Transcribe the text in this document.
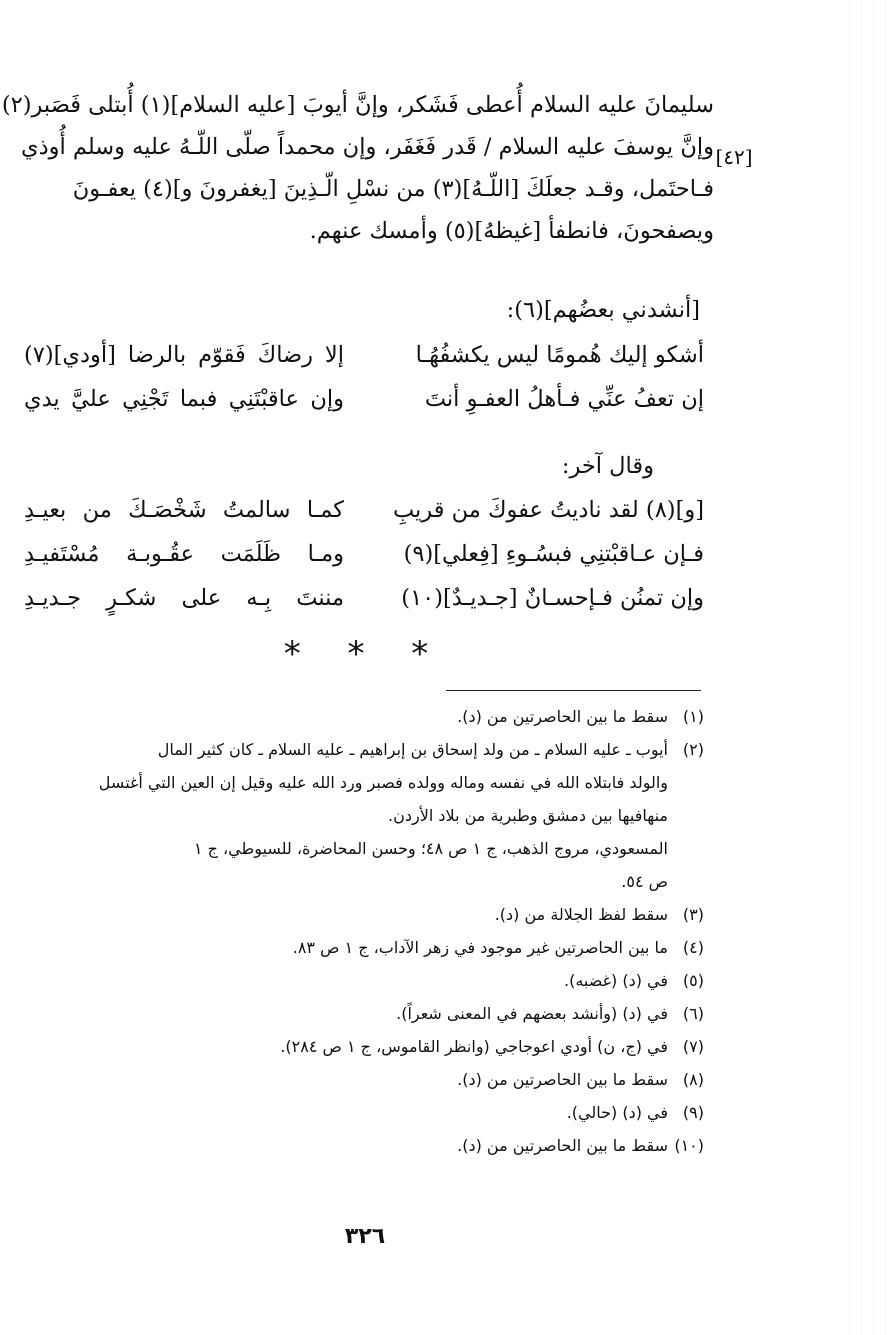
سليمانَ عليه السلام أُعطى فَشَكر، وإنَّ أيوبَ [عليه السلام](١) أُبتلى فَصَبر(٢)
وإنَّ يوسفَ عليه السلام / قَدر فَغَفَر، وإن محمداً صلّى اللّـهُ عليه وسلم أُوذي
فـاحتَمل، وقـد جعلَكَ [اللّـهُ](٣) من نسْلِ الّـذِينَ [يغفرونَ و](٤) يعفـونَ
ويصفحونَ، فانطفأ [غيظهُ](٥) وأمسك عنهم.
[٤٢]
[أنشدني بعضُهم](٦):
أشكو إليك هُمومًا ليس يكشفُهُـا
إلا رضاكَ فَقوّم بالرضا [أودي](٧)
إن تعفُ عنِّي فـأهلُ العفـوِ أنتَ
وإن عاقبْتَنِي فبما تَجْنِي عليَّ يدي
وقال آخر:
[و](٨) لقد ناديتُ عفوكَ من قريبِ
كمـا سالمتُ شَخْصَـكَ من بعيـدِ
فـإن عـاقبْتنِي فبسُـوءِ [فِعلي](٩)
ومـا ظَلَمَت عقُـوبـة مُسْتَفيـدِ
وإن تمنُن فـإحسـانٌ [جـديـدٌ](١٠)
مننتَ بِـه على شكـرٍ جـديـدِ
* * *
(١)
سقط ما بين الحاصرتين من (د).
(٢)
أيوب ـ عليه السلام ـ من ولد إسحاق بن إبراهيم ـ عليه السلام ـ كان كثير المال
والولد فابتلاه الله في نفسه وماله وولده فصبر ورد الله عليه وقيل إن العين التي أغتسل
منهافيها بين دمشق وطبرية من بلاد الأردن.
المسعودي، مروج الذهب، ج ١ ص ٤٨؛ وحسن المحاضرة، للسيوطي، ج ١
ص ٥٤.
(٣)
سقط لفظ الجلالة من (د).
(٤)
ما بين الحاصرتين غير موجود في زهر الآداب، ج ١ ص ٨٣.
(٥)
في (د) (غضبه).
(٦)
في (د) (وأنشد بعضهم في المعنى شعراً).
(٧)
في (ج، ن) أودي اعوجاجي (وانظر القاموس، ج ١ ص ٢٨٤).
(٨)
سقط ما بين الحاصرتين من (د).
(٩)
في (د) (حالي).
(١٠)
سقط ما بين الحاصرتين من (د).
٣٢٦
